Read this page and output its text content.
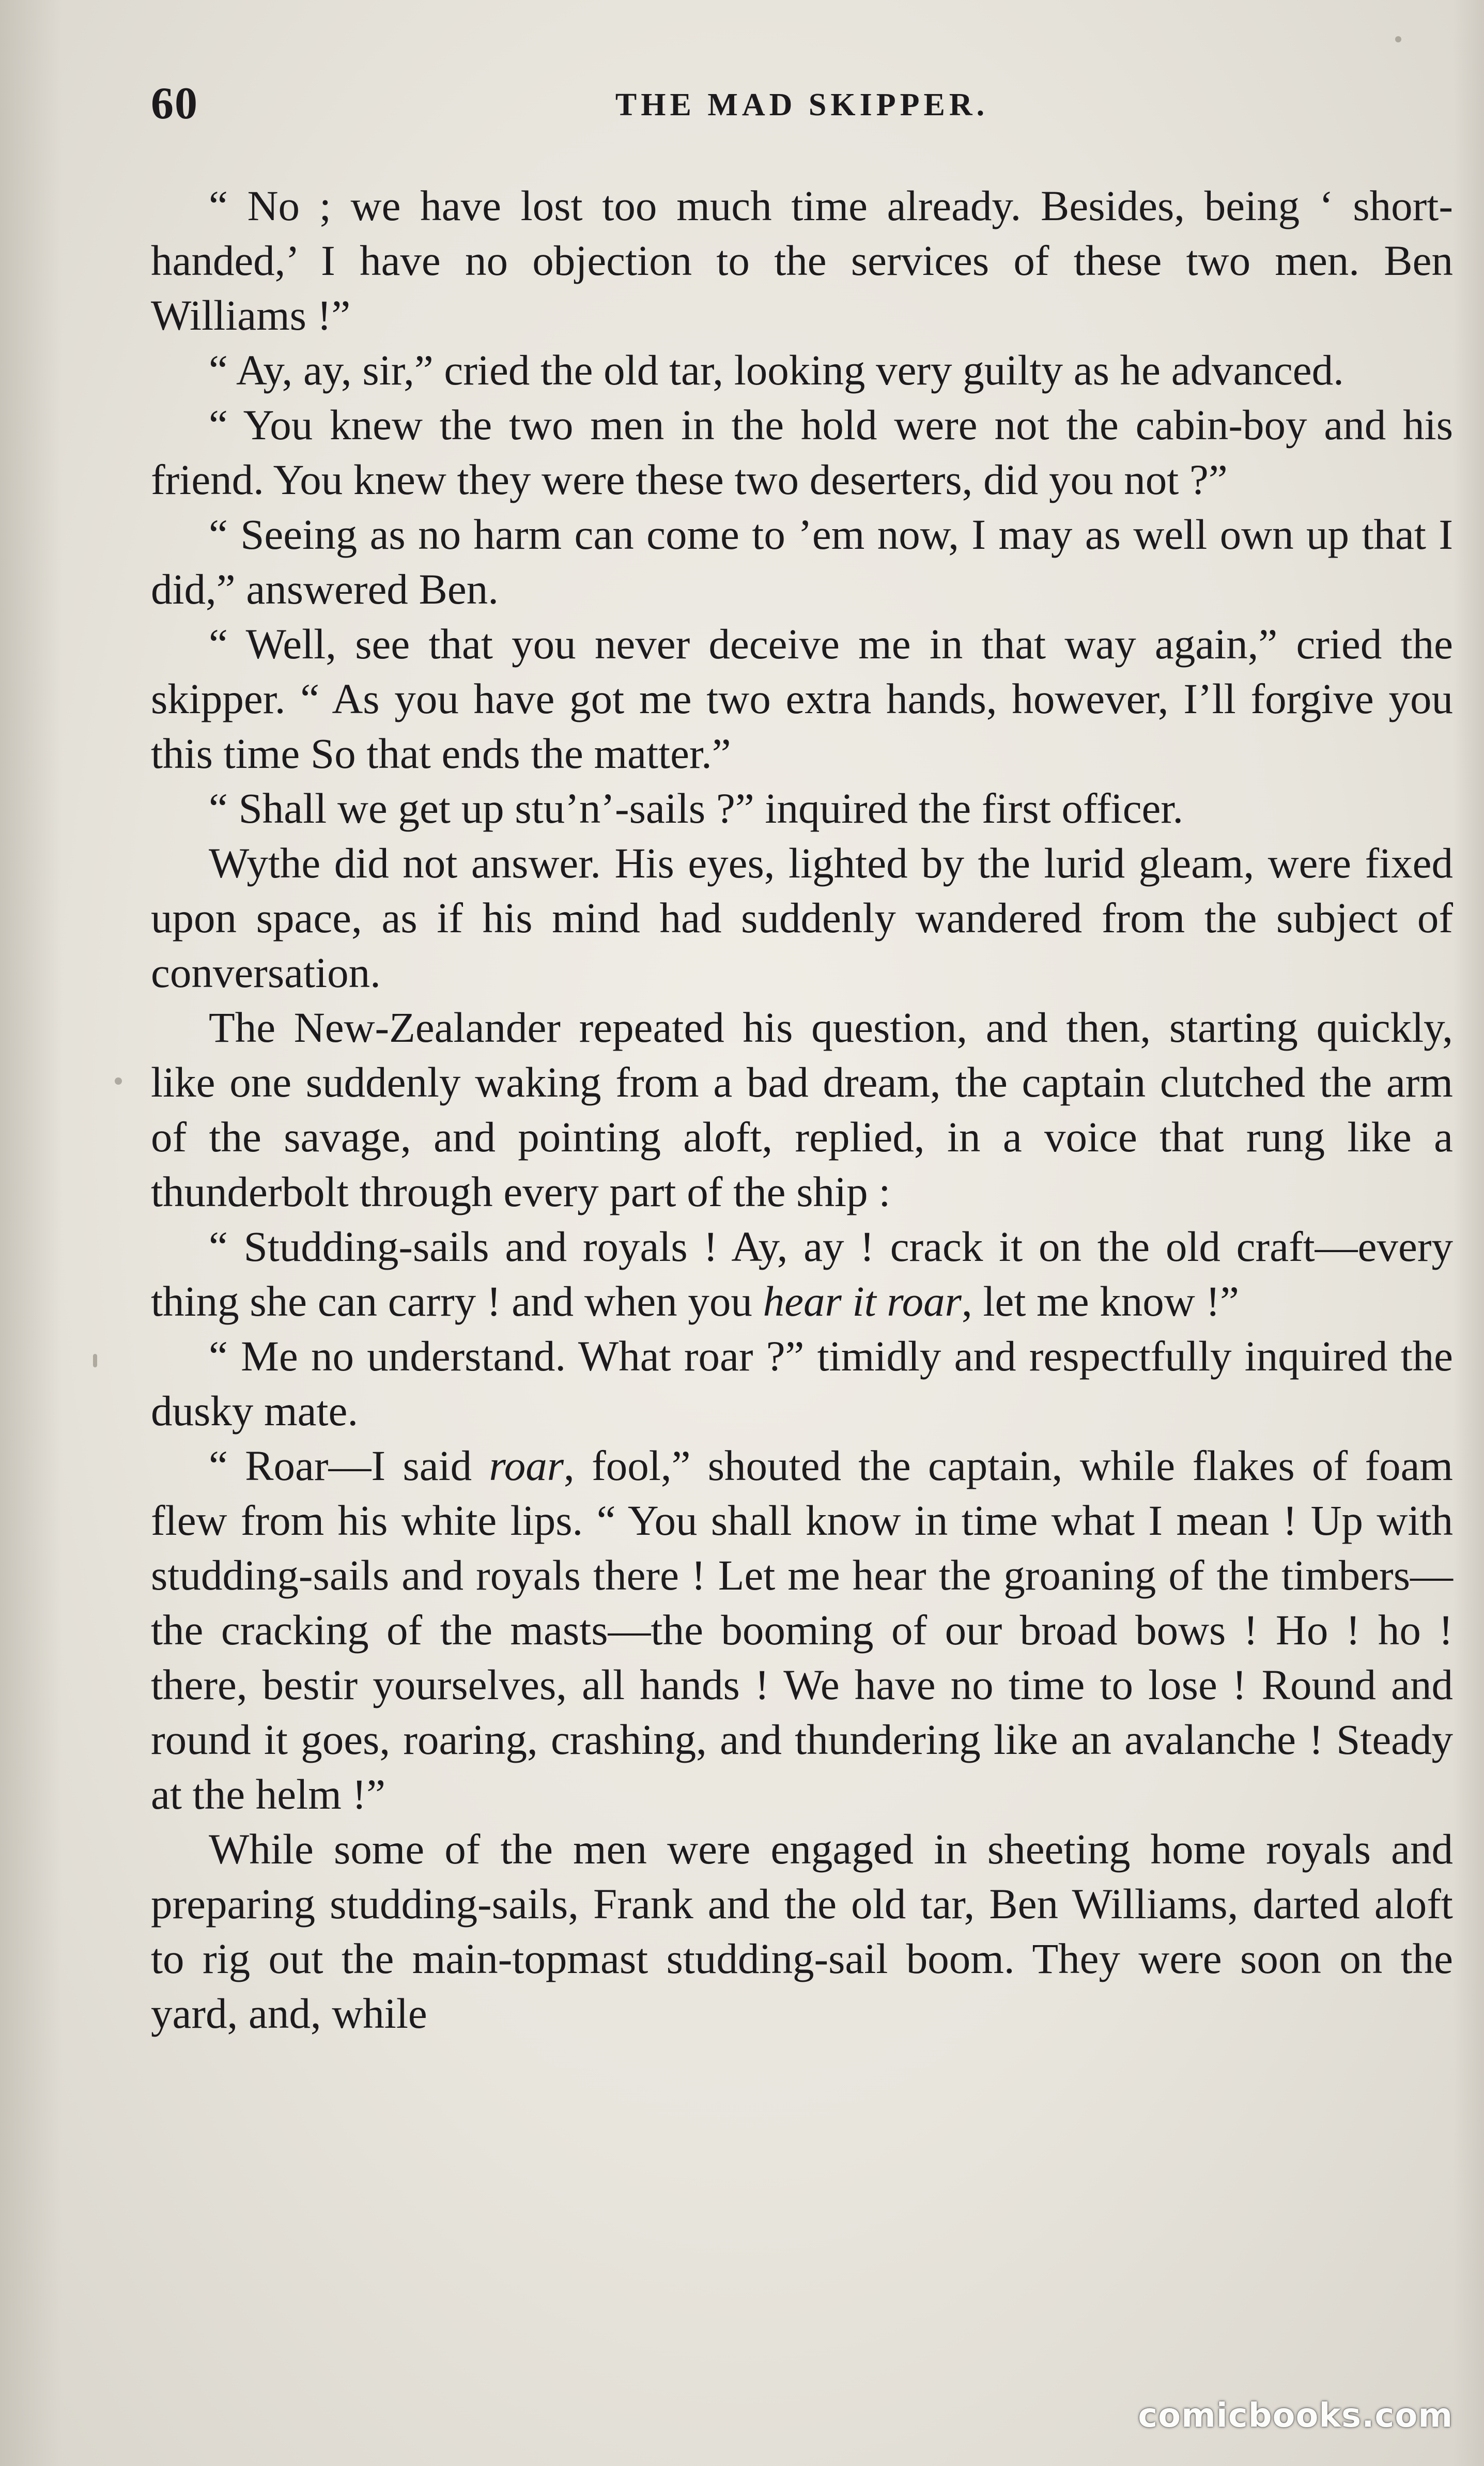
60	THE MAD SKIPPER.

“ No ; we have lost too much time already. Besides, being ‘ short-handed,’ I have no objection to the services of these two men. Ben Williams !”

“ Ay, ay, sir,” cried the old tar, looking very guilty as he advanced.

“ You knew the two men in the hold were not the cabin-boy and his friend. You knew they were these two deserters, did you not ?”

“ Seeing as no harm can come to ’em now, I may as well own up that I did,” answered Ben.

“ Well, see that you never deceive me in that way again,” cried the skipper. “ As you have got me two extra hands, however, I’ll forgive you this time So that ends the matter.”

“ Shall we get up stu’n’-sails ?” inquired the first officer.

Wythe did not answer. His eyes, lighted by the lurid gleam, were fixed upon space, as if his mind had suddenly wandered from the subject of conversation.

The New-Zealander repeated his question, and then, starting quickly, like one suddenly waking from a bad dream, the captain clutched the arm of the savage, and pointing aloft, replied, in a voice that rung like a thunderbolt through every part of the ship :

“ Studding-sails and royals ! Ay, ay ! crack it on the old craft—every thing she can carry ! and when you hear it roar, let me know !”

“ Me no understand. What roar ?” timidly and respectfully inquired the dusky mate.

“ Roar—I said roar, fool,” shouted the captain, while flakes of foam flew from his white lips. “ You shall know in time what I mean ! Up with studding-sails and royals there ! Let me hear the groaning of the timbers—the cracking of the masts—the booming of our broad bows ! Ho ! ho ! there, bestir yourselves, all hands ! We have no time to lose ! Round and round it goes, roaring, crashing, and thundering like an avalanche ! Steady at the helm !”

While some of the men were engaged in sheeting home royals and preparing studding-sails, Frank and the old tar, Ben Williams, darted aloft to rig out the main-topmast studding-sail boom. They were soon on the yard, and, while

comicbooks.com
